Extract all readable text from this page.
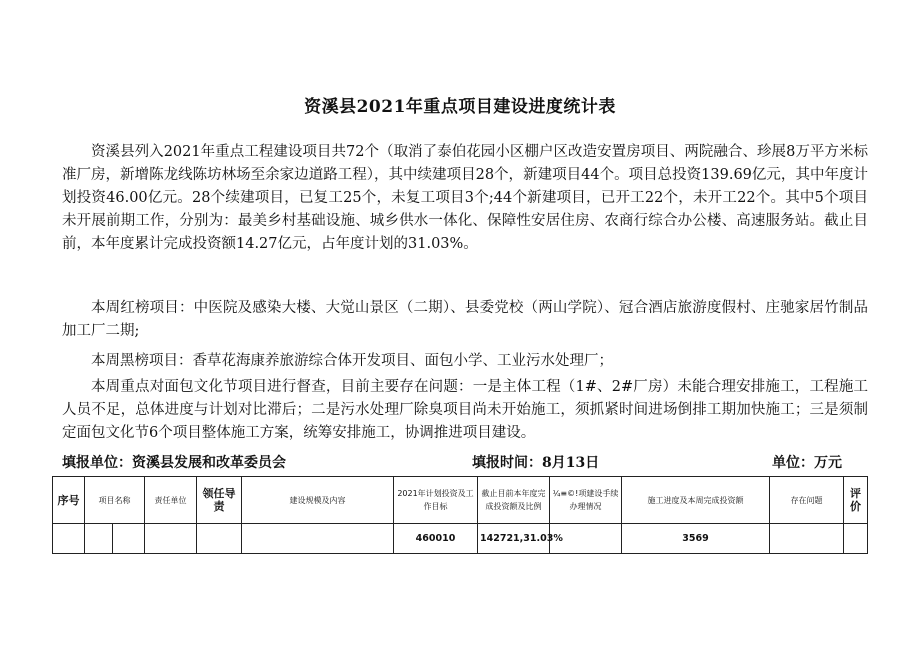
资溪县2021年重点项目建设进度统计表

资溪县列入2021年重点工程建设项目共72个（取消了泰伯花园小区棚户区改造安置房项目、两院融合、珍展8万平方米标准厂房，新增陈龙线陈坊林场至余家边道路工程），其中续建项目28个，新建项目44个。项目总投资139.69亿元，其中年度计划投资46.00亿元。28个续建项目，已复工25个，未复工项目3个;44个新建项目，已开工22个，未开工22个。其中5个项目未开展前期工作，分别为：最美乡村基础设施、城乡供水一体化、保障性安居住房、农商行综合办公楼、高速服务站。截止目前，本年度累计完成投资额14.27亿元，占年度计划的31.03%。

本周红榜项目：中医院及感染大楼、大觉山景区（二期）、县委党校（两山学院）、冠合酒店旅游度假村、庄驰家居竹制品加工厂二期;

本周黑榜项目：香草花海康养旅游综合体开发项目、面包小学、工业污水处理厂；

本周重点对面包文化节项目进行督查，目前主要存在问题：一是主体工程（1#、2#厂房）未能合理安排施工，工程施工人员不足，总体进度与计划对比滞后；二是污水处理厂除臭项目尚未开始施工，须抓紧时间进场倒排工期加快施工；三是须制定面包文化节6个项目整体施工方案，统筹安排施工，协调推进项目建设。

填报单位：资溪县发展和改革委员会	填报时间：8月13日	单位：万元
序号	项目名称		责任单位	领任导责	建设规模及内容	2021年计划投资及工作目标	截止目前本年度完成投资额及比例	¼≡©!项建设手续办理情况	施工进度及本周完成投资额	存在问题	评价
						460010	142721,31.03%		3569		
